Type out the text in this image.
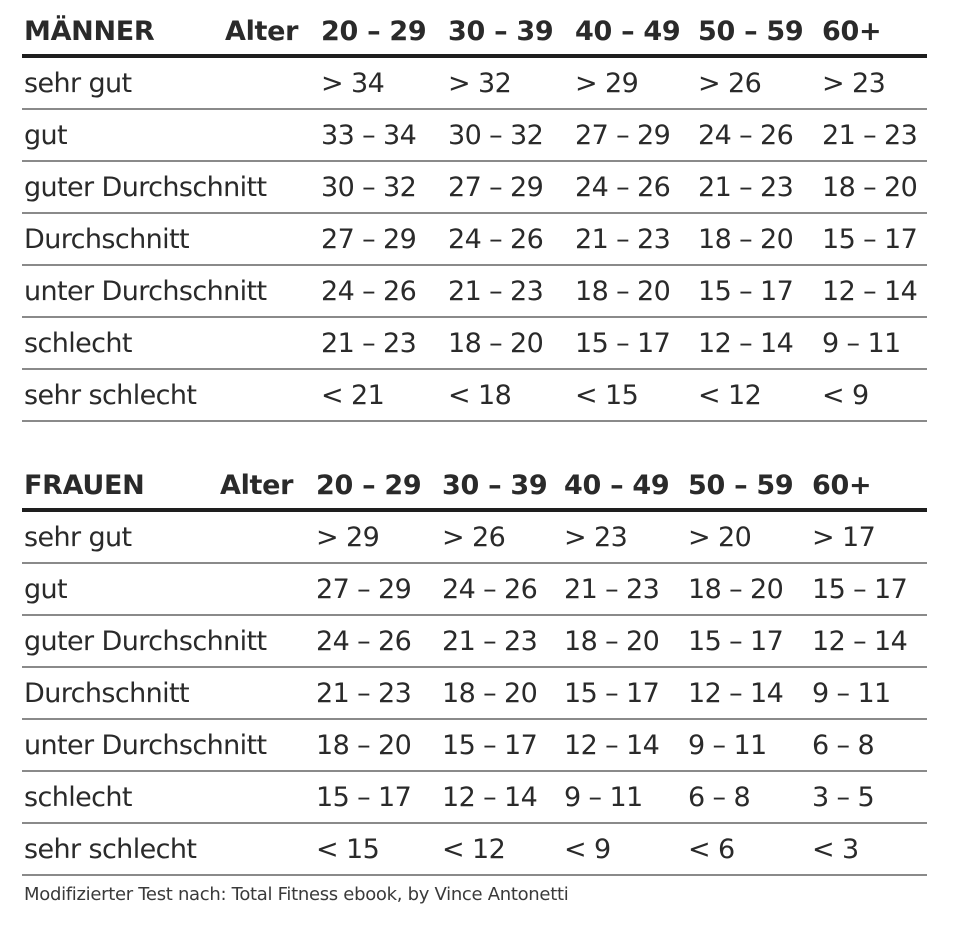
MÄNNER	Alter 20 – 29 30 – 39 40 – 49 50 – 59 60+
sehr gut	> 34 > 32 > 29 > 26 > 23
gut	33 – 34 30 – 32 27 – 29 24 – 26 21 – 23
guter Durchschnitt 30 – 32 27 – 29 24 – 26 21 – 23 18 – 20
Durchschnitt	27 – 29 24 – 26 21 – 23 18 – 20 15 – 17
unter Durchschnitt 24 – 26 21 – 23 18 – 20 15 – 17 12 – 14
schlecht	21 – 23 18 – 20 15 – 17 12 – 14 9 – 11
sehr schlecht	< 21 < 18 < 15 < 12 < 9
FRAUEN	Alter 20 – 29 30 – 39 40 – 49 50 – 59 60+
sehr gut	> 29 > 26 > 23 > 20 > 17
gut	27 – 29 24 – 26 21 – 23 18 – 20 15 – 17
guter Durchschnitt 24 – 26 21 – 23 18 – 20 15 – 17 12 – 14
Durchschnitt	21 – 23 18 – 20 15 – 17 12 – 14 9 – 11
unter Durchschnitt 18 – 20 15 – 17 12 – 14 9 – 11 6 – 8
schlecht	15 – 17 12 – 14 9 – 11 6 – 8 3 – 5
sehr schlecht	< 15 < 12 < 9	< 6	< 3
Modifizierter Test nach: Total Fitness ebook, by Vince Antonetti
